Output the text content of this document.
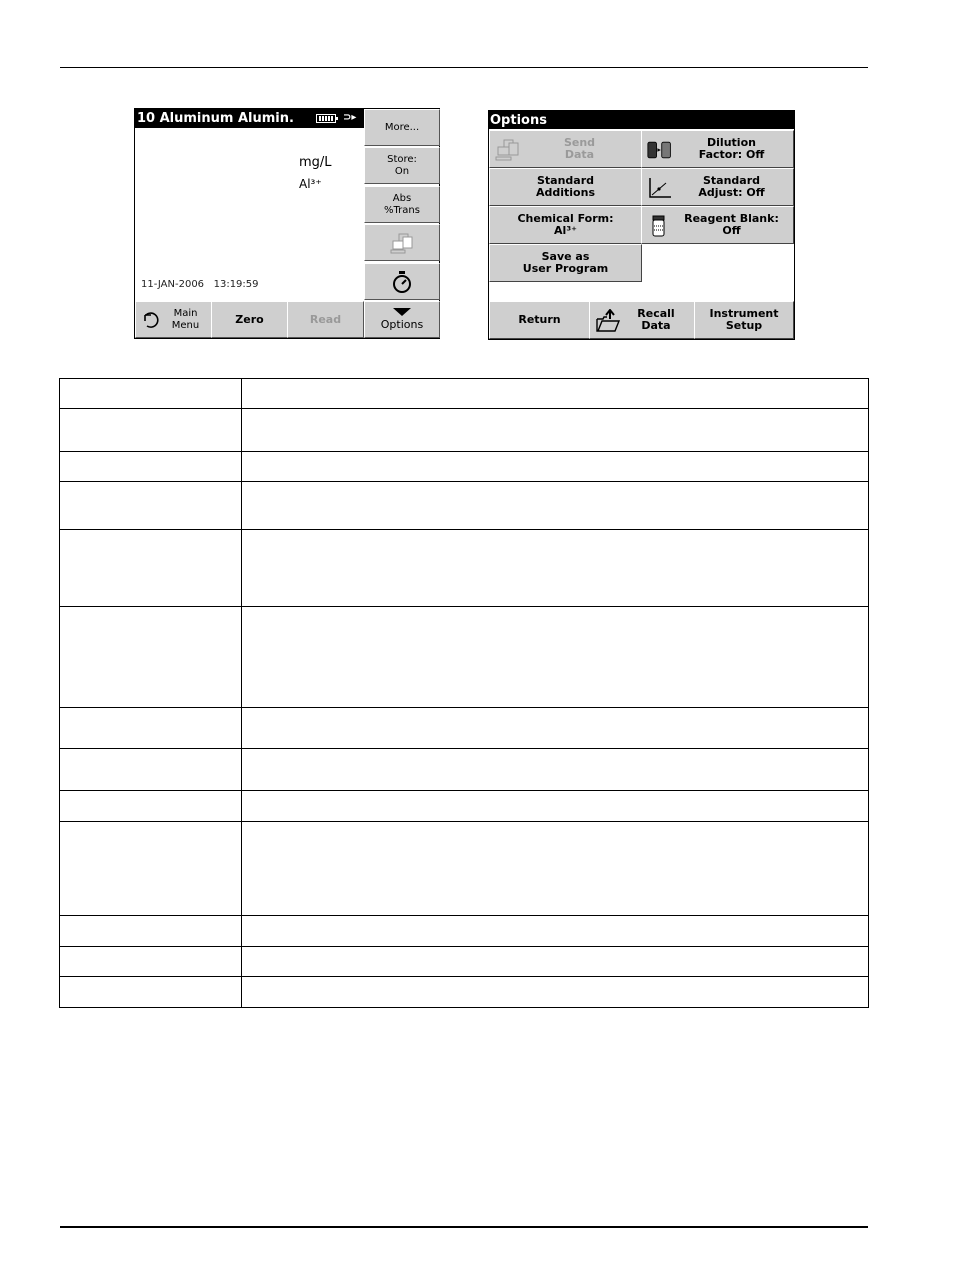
10 Aluminum Alumin.	⊃▸
mg/L
Al³⁺
11-JAN-2006 13:19:59
More...
Store:
On
Abs
%Trans
Options
Main
Menu	Zero	Read
Options
Send
Data
Dilution
Factor: Off
Standard
Additions
Standard
Adjust: Off
Chemical Form:
Al³⁺
Reagent Blank:
Off
Save as
User Program
Return	Recall
Data
Instrument
Setup
